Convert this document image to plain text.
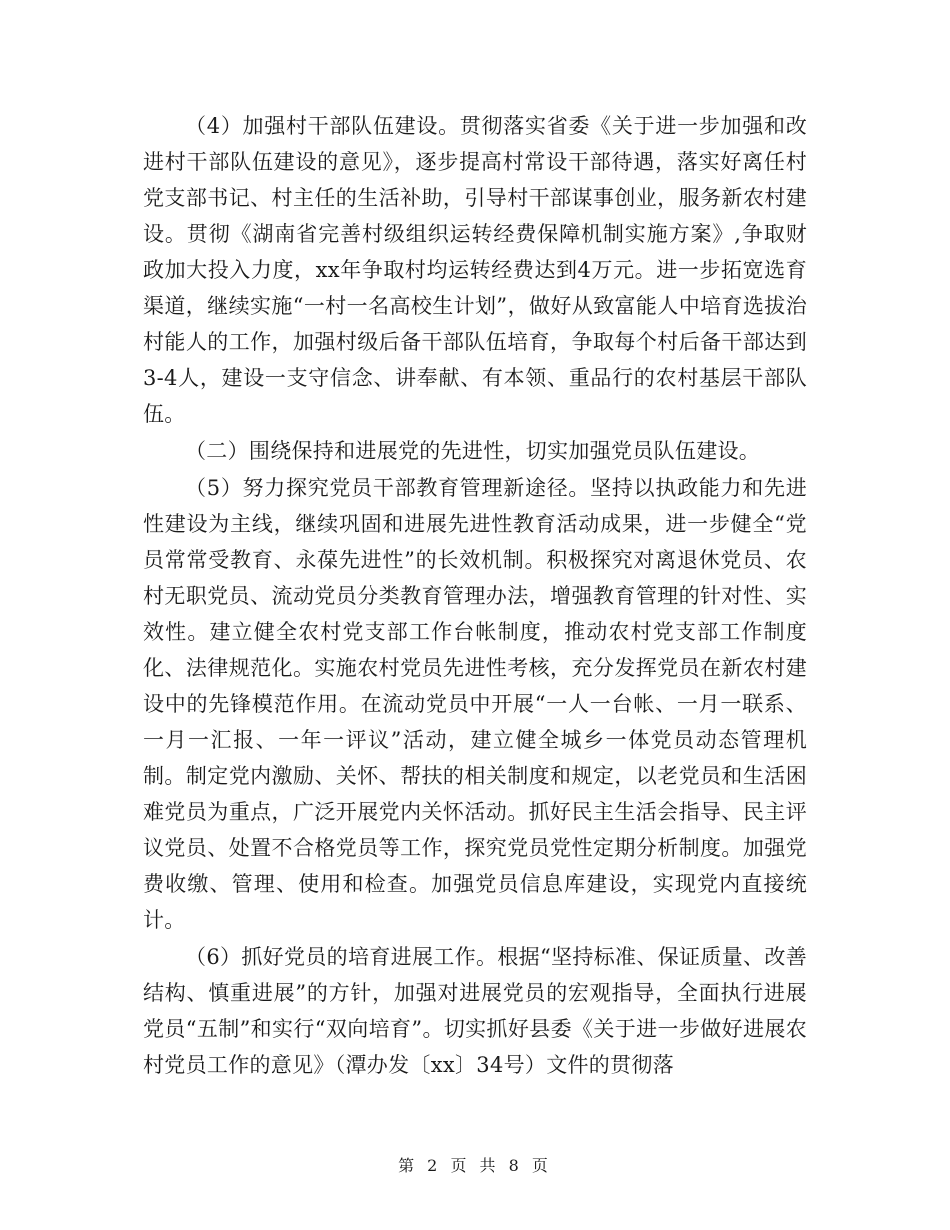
（4）加强村干部队伍建设。贯彻落实省委《关于进一步加强和改进村干部队伍建设的意见》，逐步提高村常设干部待遇，落实好离任村党支部书记、村主任的生活补助，引导村干部谋事创业，服务新农村建设。贯彻《湖南省完善村级组织运转经费保障机制实施方案》,争取财政加大投入力度，xx年争取村均运转经费达到4万元。进一步拓宽选育渠道，继续实施“一村一名高校生计划”，做好从致富能人中培育选拔治村能人的工作，加强村级后备干部队伍培育，争取每个村后备干部达到3-4人，建设一支守信念、讲奉献、有本领、重品行的农村基层干部队伍。

（二）围绕保持和进展党的先进性，切实加强党员队伍建设。

（5）努力探究党员干部教育管理新途径。坚持以执政能力和先进性建设为主线，继续巩固和进展先进性教育活动成果，进一步健全“党员常常受教育、永葆先进性”的长效机制。积极探究对离退休党员、农村无职党员、流动党员分类教育管理办法，增强教育管理的针对性、实效性。建立健全农村党支部工作台帐制度，推动农村党支部工作制度化、法律规范化。实施农村党员先进性考核，充分发挥党员在新农村建设中的先锋模范作用。在流动党员中开展“一人一台帐、一月一联系、一月一汇报、一年一评议”活动，建立健全城乡一体党员动态管理机制。制定党内激励、关怀、帮扶的相关制度和规定，以老党员和生活困难党员为重点，广泛开展党内关怀活动。抓好民主生活会指导、民主评议党员、处置不合格党员等工作，探究党员党性定期分析制度。加强党费收缴、管理、使用和检查。加强党员信息库建设，实现党内直接统计。

（6）抓好党员的培育进展工作。根据“坚持标准、保证质量、改善结构、慎重进展”的方针，加强对进展党员的宏观指导，全面执行进展党员“五制”和实行“双向培育”。切实抓好县委《关于进一步做好进展农村党员工作的意见》（潭办发〔xx〕34号）文件的贯彻落

第 2 页 共 8 页
